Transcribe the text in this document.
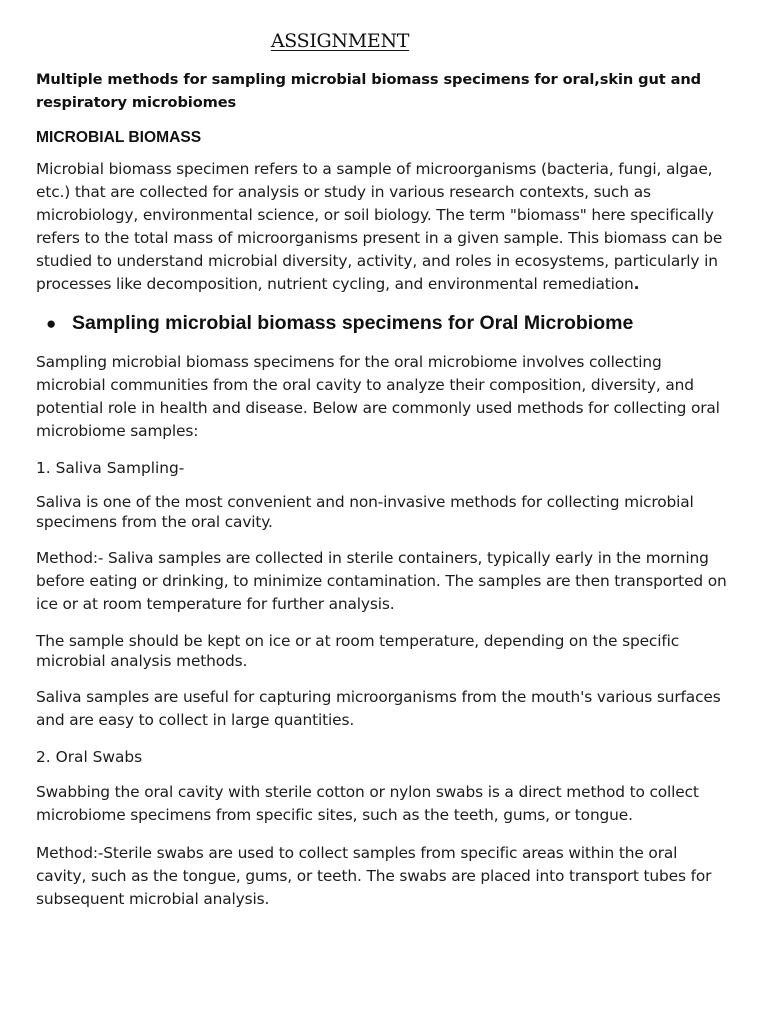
ASSIGNMENT
Multiple methods for sampling microbial biomass specimens for oral,skin gut and respiratory microbiomes
MICROBIAL BIOMASS

Microbial biomass specimen refers to a sample of microorganisms (bacteria, fungi, algae, etc.) that are collected for analysis or study in various research contexts, such as microbiology, environmental science, or soil biology. The term "biomass" here specifically refers to the total mass of microorganisms present in a given sample. This biomass can be studied to understand microbial diversity, activity, and roles in ecosystems, particularly in processes like decomposition, nutrient cycling, and environmental remediation.

● Sampling microbial biomass specimens for Oral Microbiome

Sampling microbial biomass specimens for the oral microbiome involves collecting microbial communities from the oral cavity to analyze their composition, diversity, and potential role in health and disease. Below are commonly used methods for collecting oral microbiome samples:

1. Saliva Sampling-

Saliva is one of the most convenient and non-invasive methods for collecting microbial specimens from the oral cavity.

Method:- Saliva samples are collected in sterile containers, typically early in the morning before eating or drinking, to minimize contamination. The samples are then transported on ice or at room temperature for further analysis.

The sample should be kept on ice or at room temperature, depending on the specific microbial analysis methods.

Saliva samples are useful for capturing microorganisms from the mouth's various surfaces and are easy to collect in large quantities.

2. Oral Swabs

Swabbing the oral cavity with sterile cotton or nylon swabs is a direct method to collect microbiome specimens from specific sites, such as the teeth, gums, or tongue.

Method:-Sterile swabs are used to collect samples from specific areas within the oral cavity, such as the tongue, gums, or teeth. The swabs are placed into transport tubes for subsequent microbial analysis.
